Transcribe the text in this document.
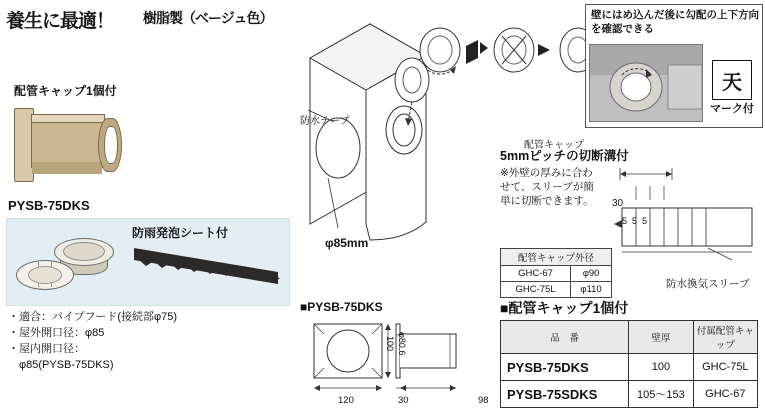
養生に最適！ 樹脂製（ベージュ色）
配管キャップ1個付
PYSB-75DKS
防雨発泡シート付
・適合：パイプフード(接続部φ75)
・屋外開口径：φ85
・屋内開口径：
　φ85(PYSB-75DKS)
防水テープ
配管キャップ
φ85mm
壁にはめ込んだ後に勾配の上下方向を確認できる
天
マーク付
5mmピッチの切断溝付
※外壁の厚みに合わせて、スリーブが簡単に切断できます。	30
555
防水換気スリーブ
配管キャップ外径	
GHC-67	φ90
GHC-75L	φ110
■PYSB-75DKS
120	98
30
100 φ80.6
■配管キャップ1個付
品　番	壁厚	付属配管キャップ
PYSB-75DKS	100	GHC-75L
PYSB-75SDKS	105〜153	GHC-67
